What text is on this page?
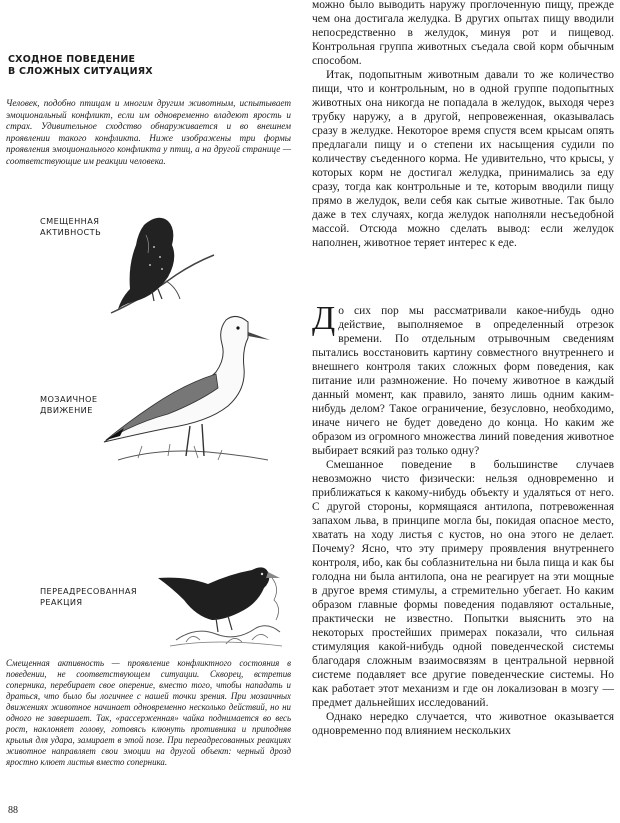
СХОДНОЕ ПОВЕДЕНИЕ
В СЛОЖНЫХ СИТУАЦИЯХ
Человек, подобно птицам и многим другим животным, испытывает эмоциональный конфликт, если им одновременно владеют ярость и страх. Удивительное сходство обнаруживается и во внешнем проявлении такого конфликта. Ниже изображены три формы проявления эмоционального конфликта у птиц, а на другой странице — соответствующие им реакции человека.
СМЕЩЕННАЯ
АКТИВНОСТЬ
МОЗАИЧНОЕ
ДВИЖЕНИЕ
ПЕРЕАДРЕСОВАННАЯ
РЕАКЦИЯ
Смещенная активность — проявление конфликтного состояния в поведении, не соответствующем ситуации. Скворец, встретив соперника, перебирает свое оперение, вместо того, чтобы нападать и драться, что было бы логичнее с нашей точки зрения. При мозаичных движениях животное начинает одновременно несколько действий, но ни одного не завершает. Так, «рассерженная» чайка поднимается во весь рост, наклоняет голову, готовясь клюнуть противника и приподняв крылья для удара, замирает в этой позе. При переадресованных реакциях животное направляет свои эмоции на другой объект: черный дрозд яростно клюет листья вместо соперника.
88

можно было выводить наружу проглоченную пищу, прежде чем она достигала желудка. В других опытах пищу вводили непосредственно в желудок, минуя рот и пищевод. Контрольная группа животных съедала свой корм обычным способом.

Итак, подопытным животным давали то же количество пищи, что и контрольным, но в одной группе подопытных животных она никогда не попадала в желудок, выходя через трубку наружу, а в другой, непровеженная, оказывалась сразу в желудке. Некоторое время спустя всем крысам опять предлагали пищу и о степени их насыщения судили по количеству съеденного корма. Не удивительно, что крысы, у которых корм не достигал желудка, принимались за еду сразу, тогда как контрольные и те, которым вводили пищу прямо в желудок, вели себя как сытые животные. Так было даже в тех случаях, когда желудок наполняли несъедобной массой. Отсюда можно сделать вывод: если желудок наполнен, животное теряет интерес к еде.

До сих пор мы рассматривали какое-нибудь одно действие, выполняемое в определенный отрезок времени. По отдельным отрывочным сведениям пытались восстановить картину совместного внутреннего и внешнего контроля таких сложных форм поведения, как питание или размножение. Но почему животное в каждый данный момент, как правило, занято лишь одним каким-нибудь делом? Такое ограничение, безусловно, необходимо, иначе ничего не будет доведено до конца. Но каким же образом из огромного множества линий поведения животное выбирает всякий раз только одну?

Смешанное поведение в большинстве случаев невозможно чисто физически: нельзя одновременно и приближаться к какому-нибудь объекту и удаляться от него. С другой стороны, кормящаяся антилопа, потревоженная запахом льва, в принципе могла бы, покидая опасное место, хватать на ходу листья с кустов, но она этого не делает. Почему? Ясно, что эту примеру проявления внутреннего контроля, ибо, как бы соблазнительна ни была пища и как бы голодна ни была антилопа, она не реагирует на эти мощные в другое время стимулы, а стремительно убегает. Но каким образом главные формы поведения подавляют остальные, практически не известно. Попытки выяснить это на некоторых простейших примерах показали, что сильная стимуляция какой-нибудь одной поведенческой системы благодаря сложным взаимосвязям в центральной нервной системе подавляет все другие поведенческие системы. Но как работает этот механизм и где он локализован в мозгу — предмет дальнейших исследований.

Однако нередко случается, что животное оказывается одновременно под влиянием нескольких
